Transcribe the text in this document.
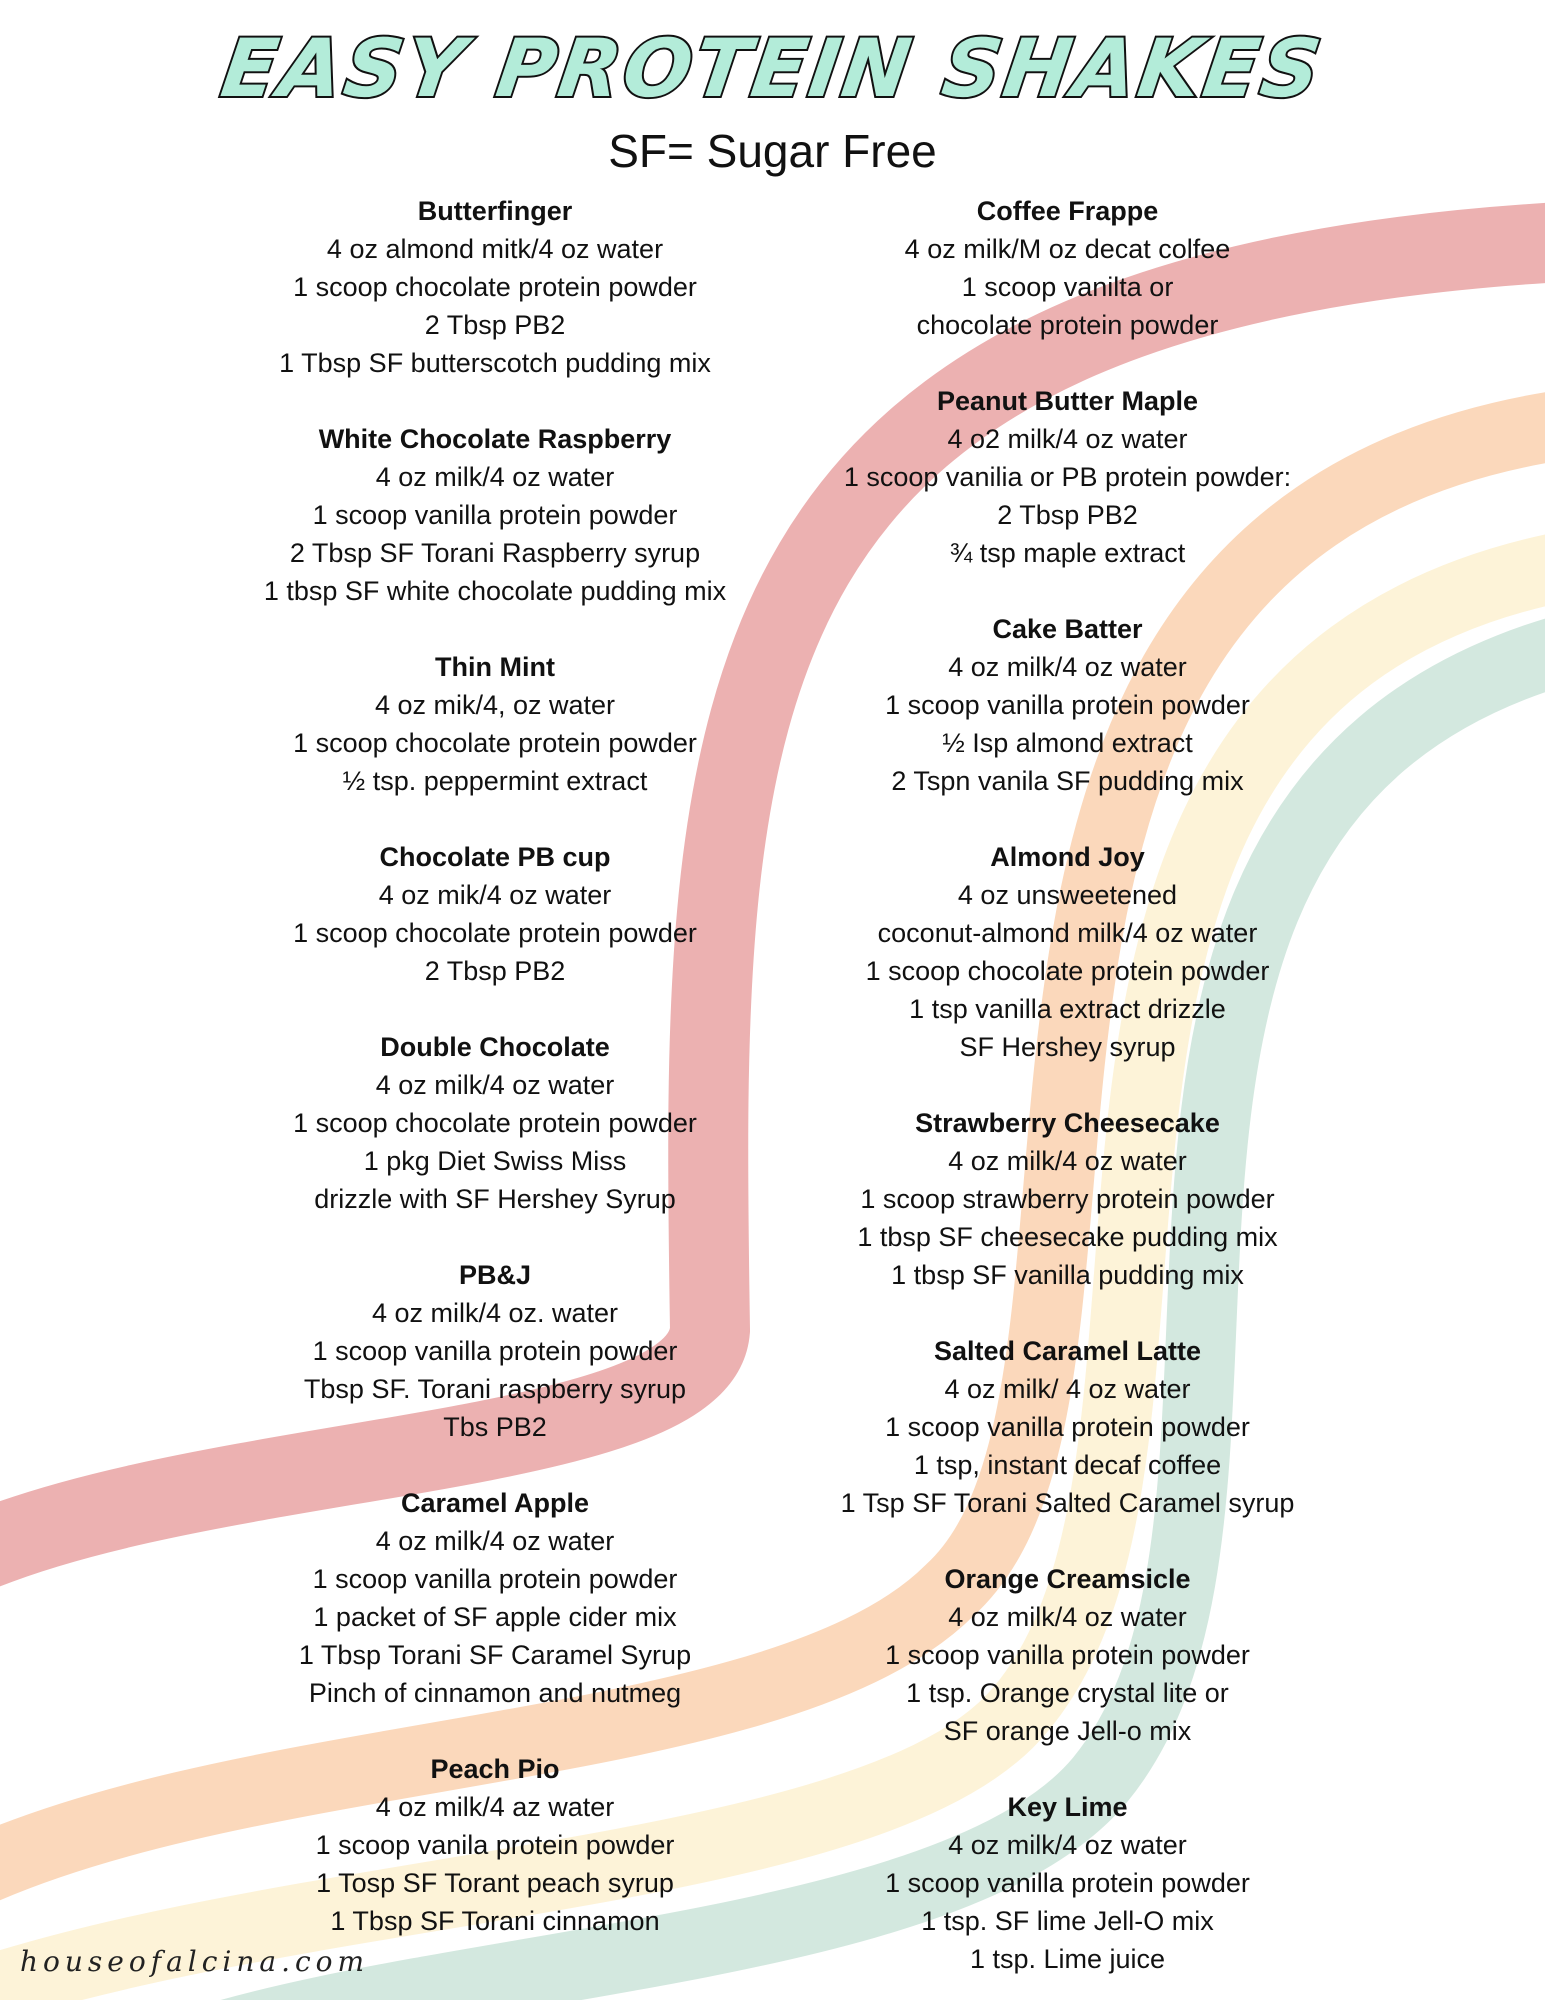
EASY PROTEIN SHAKES
SF= Sugar Free
Butterfinger
4 oz almond mitk/4 oz water
1 scoop chocolate protein powder
2 Tbsp PB2
1 Tbsp SF butterscotch pudding mix
White Chocolate Raspberry
4 oz milk/4 oz water
1 scoop vanilla protein powder
2 Tbsp SF Torani Raspberry syrup
1 tbsp SF white chocolate pudding mix
Thin Mint
4 oz mik/4, oz water
1 scoop chocolate protein powder
½ tsp. peppermint extract
Chocolate PB cup
4 oz mik/4 oz water
1 scoop chocolate protein powder
2 Tbsp PB2
Double Chocolate
4 oz milk/4 oz water
1 scoop chocolate protein powder
1 pkg Diet Swiss Miss
drizzle with SF Hershey Syrup
PB&J
4 oz milk/4 oz. water
1 scoop vanilla protein powder
Tbsp SF. Torani raspberry syrup
Tbs PB2
Caramel Apple
4 oz milk/4 oz water
1 scoop vanilla protein powder
1 packet of SF apple cider mix
1 Tbsp Torani SF Caramel Syrup
Pinch of cinnamon and nutmeg
Peach Pio
4 oz milk/4 az water
1 scoop vanila protein powder
1 Tosp SF Torant peach syrup
1 Tbsp SF Torani cinnamon
Coffee Frappe
4 oz milk/M oz decat colfee
1 scoop vanilta or
chocolate protein powder
Peanut Butter Maple
4 o2 milk/4 oz water
1 scoop vanilia or PB protein powder:
2 Tbsp PB2
¾ tsp maple extract
Cake Batter
4 oz milk/4 oz water
1 scoop vanilla protein powder
½ Isp almond extract
2 Tspn vanila SF pudding mix
Almond Joy
4 oz unsweetened
coconut-almond milk/4 oz water
1 scoop chocolate protein powder
1 tsp vanilla extract drizzle
SF Hershey syrup
Strawberry Cheesecake
4 oz milk/4 oz water
1 scoop strawberry protein powder
1 tbsp SF cheesecake pudding mix
1 tbsp SF vanilla pudding mix
Salted Caramel Latte
4 oz milk/ 4 oz water
1 scoop vanilla protein powder
1 tsp, instant decaf coffee
1 Tsp SF Torani Salted Caramel syrup
Orange Creamsicle
4 oz milk/4 oz water
1 scoop vanilla protein powder
1 tsp. Orange crystal lite or
SF orange Jell-o mix
Key Lime
4 oz milk/4 oz water
1 scoop vanilla protein powder
1 tsp. SF lime Jell-O mix
1 tsp. Lime juice
houseofalcina.com
